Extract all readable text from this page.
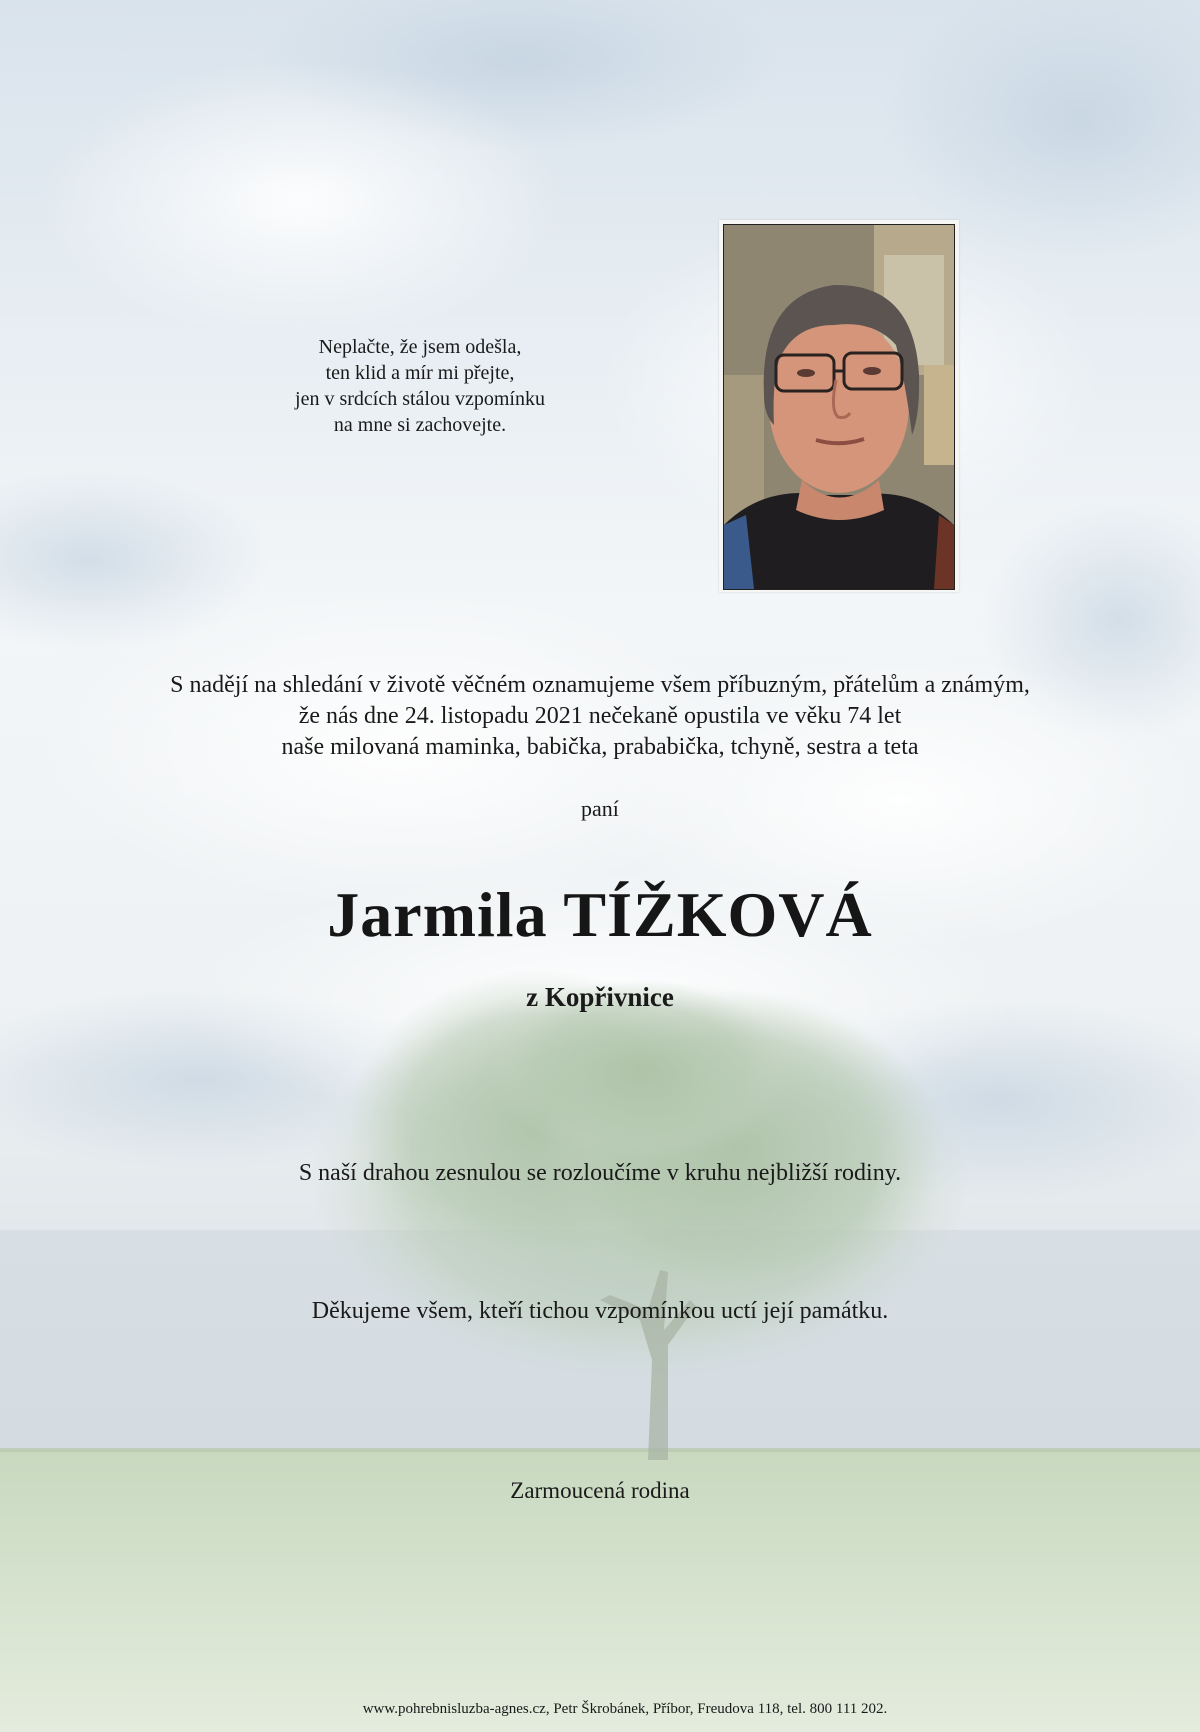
Neplačte, že jsem odešla,
ten klid a mír mi přejte,
jen v srdcích stálou vzpomínku
na mne si zachovejte.
S nadějí na shledání v životě věčném oznamujeme všem příbuzným, přátelům a známým,
že nás dne 24. listopadu 2021 nečekaně opustila ve věku 74 let
naše milovaná maminka, babička, prababička, tchyně, sestra a teta
paní
Jarmila TÍŽKOVÁ
z Kopřivnice
S naší drahou zesnulou se rozloučíme v kruhu nejbližší rodiny.
Děkujeme všem, kteří tichou vzpomínkou uctí její památku.
Zarmoucená rodina
www.pohrebnisluzba-agnes.cz, Petr Škrobánek, Příbor, Freudova 118, tel. 800 111 202.
